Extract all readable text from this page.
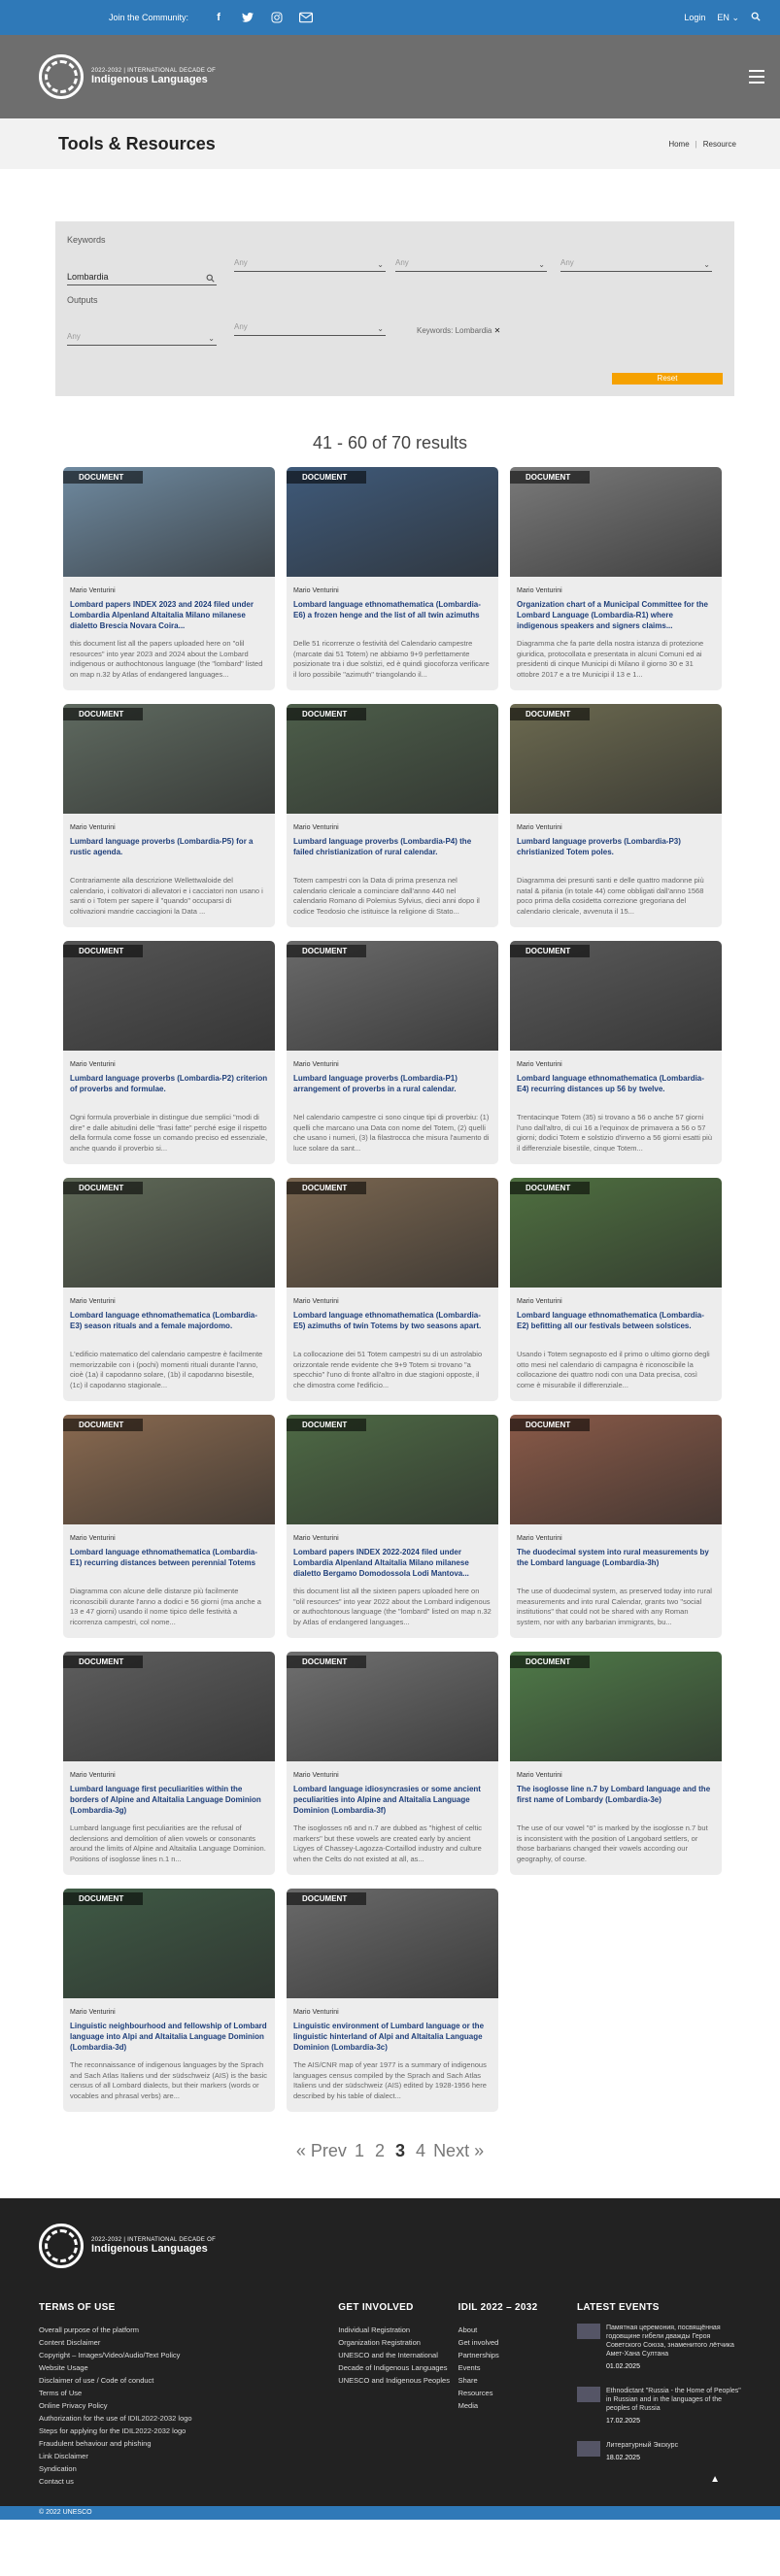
Join the Community:	f	Login EN ⌄
2022-2032 | INTERNATIONAL DECADE OF
Indigenous Languages
Tools & Resources	Home | Resource
Keywords
Lombardia
Any	⌄ Any	⌄ Any	⌄
Outputs
Any	⌄
Any	⌄	Keywords: Lombardia ✕
Reset
41 - 60 of 70 results
DOCUMENT
Mario Venturini
Lombard papers INDEX 2023 and 2024 filed under Lombardia Alpenland Altaitalia Milano milanese dialetto Brescia Novara Coira...
this document list all the papers uploaded here on "olil resources" into year 2023 and 2024 about the Lombard indigenous or authochtonous language (the "lombard" listed on map n.32 by Atlas of endangered languages...
DOCUMENT
Mario Venturini
Lombard language ethnomathematica (Lombardia-E6) a frozen henge and the list of all twin azimuths
Delle 51 ricorrenze o festività del Calendario campestre (marcate dai 51 Totem) ne abbiamo 9+9 perfettamente posizionate tra i due solstizi, ed è quindi giocoforza verificare il loro possibile "azimuth" triangolando il...
DOCUMENT
Mario Venturini
Organization chart of a Municipal Committee for the Lombard Language (Lombardia-R1) where indigenous speakers and signers claims...
Diagramma che fa parte della nostra istanza di protezione giuridica, protocollata e presentata in alcuni Comuni ed ai presidenti di cinque Municipi di Milano il giorno 30 e 31 ottobre 2017 e a tre Municipi il 13 e 1...
DOCUMENT
Mario Venturini
Lumbard language proverbs (Lombardia-P5) for a rustic agenda.
Contrariamente alla descrizione Wellettwaloide del calendario, i coltivatori di allevatori e i cacciatori non usano i santi o i Totem per sapere il "quando" occuparsi di coltivazioni mandrie cacciagioni la Data ...
DOCUMENT
Mario Venturini
Lumbard language proverbs (Lombardia-P4) the failed christianization of rural calendar.
Totem campestri con la Data di prima presenza nel calendario clericale a cominciare dall'anno 440 nel calendario Romano di Polemius Sylvius, dieci anni dopo il codice Teodosio che istituisce la religione di Stato...
DOCUMENT
Mario Venturini
Lumbard language proverbs (Lombardia-P3) christianized Totem poles.
Diagramma dei presunti santi e delle quattro madonne più natal & pifania (in totale 44) come obbligati dall'anno 1568 poco prima della cosidetta correzione gregoriana del calendario clericale, avvenuta il 15...
DOCUMENT
Mario Venturini
Lumbard language proverbs (Lombardia-P2) criterion of proverbs and formulae.
Ogni formula proverbiale in distingue due semplici "modi di dire" e dalle abitudini delle "frasi fatte" perché esige il rispetto della formula come fosse un comando preciso ed essenziale, anche quando il proverbio si...
DOCUMENT
Mario Venturini
Lumbard language proverbs (Lombardia-P1) arrangement of proverbs in a rural calendar.
Nel calendario campestre ci sono cinque tipi di proverbiu: (1) quelli che marcano una Data con nome del Totem, (2) quelli che usano i numeri, (3) la filastrocca che misura l'aumento di luce solare da sant...
DOCUMENT
Mario Venturini
Lombard language ethnomathematica (Lombardia-E4) recurring distances up 56 by twelve.
Trentacinque Totem (35) si trovano a 56 o anche 57 giorni l'uno dall'altro, di cui 16 a l'equinox de primavera a 56 o 57 giorni; dodici Totem e solstizio d'inverno a 56 giorni esatti più il differenziale bisestile, cinque Totem...
DOCUMENT
Mario Venturini
Lombard language ethnomathematica (Lombardia-E3) season rituals and a female majordomo.
L'edificio matematico del calendario campestre è facilmente memorizzabile con i (pochi) momenti rituali durante l'anno, cioè (1a) il capodanno solare, (1b) il capodanno bisestile, (1c) il capodanno stagionale...
DOCUMENT
Mario Venturini
Lombard language ethnomathematica (Lombardia-E5) azimuths of twin Totems by two seasons apart.
La collocazione dei 51 Totem campestri su di un astrolabio orizzontale rende evidente che 9+9 Totem si trovano "a specchio" l'uno di fronte all'altro in due stagioni opposte, il che dimostra come l'edificio...
DOCUMENT
Mario Venturini
Lombard language ethnomathematica (Lombardia-E2) befitting all our festivals between solstices.
Usando i Totem segnaposto ed il primo o ultimo giorno degli otto mesi nel calendario di campagna è riconoscibile la collocazione dei quattro nodi con una Data precisa, così come è misurabile il differenziale...
DOCUMENT
Mario Venturini
Lombard language ethnomathematica (Lombardia-E1) recurring distances between perennial Totems
Diagramma con alcune delle distanze più facilmente riconoscibili durante l'anno a dodici e 56 giorni (ma anche a 13 e 47 giorni) usando il nome tipico delle festività a ricorrenza campestri, col nome...
DOCUMENT
Mario Venturini
Lombard papers INDEX 2022-2024 filed under Lombardia Alpenland Altaitalia Milano milanese dialetto Bergamo Domodossola Lodi Mantova...
this document list all the sixteen papers uploaded here on "olil resources" into year 2022 about the Lombard indigenous or authochtonous language (the "lombard" listed on map n.32 by Atlas of endangered languages...
DOCUMENT
Mario Venturini
The duodecimal system into rural measurements by the Lombard language (Lombardia-3h)
The use of duodecimal system, as preserved today into rural measurements and into rural Calendar, grants two "social institutions" that could not be shared with any Roman system, nor with any barbarian immigrants, bu...
DOCUMENT
Mario Venturini
Lumbard language first peculiarities within the borders of Alpine and Altaitalia Language Dominion (Lombardia-3g)
Lumbard language first peculiarities are the refusal of declensions and demolition of alien vowels or consonants around the limits of Alpine and Altaitalia Language Dominion. Positions of isoglosse lines n.1 n...
DOCUMENT
Mario Venturini
Lombard language idiosyncrasies or some ancient peculiarities into Alpine and Altaitalia Language Dominion (Lombardia-3f)
The isoglosses n6 and n.7 are dubbed as "highest of celtic markers" but these vowels are created early by ancient Ligyes of Chassey-Lagozza-Cortaillod industry and culture when the Celts do not existed at all, as...
DOCUMENT
Mario Venturini
The isoglosse line n.7 by Lombard language and the first name of Lombardy (Lombardia-3e)
The use of our vowel "ö" is marked by the isoglosse n.7 but is inconsistent with the position of Langobard settlers, or those barbarians changed their vowels according our geography, of course.
DOCUMENT
Mario Venturini
Linguistic neighbourhood and fellowship of Lombard language into Alpi and Altaitalia Language Dominion (Lombardia-3d)
The reconnaissance of indigenous languages by the Sprach and Sach Atlas Italiens und der südschweiz (AIS) is the basic census of all Lombard dialects, but their markers (words or vocables and phrasal verbs) are...
DOCUMENT
Mario Venturini
Linguistic environment of Lumbard language or the linguistic hinterland of Alpi and Altaitalia Language Dominion (Lombardia-3c)
The AIS/CNR map of year 1977 is a summary of indigenous languages census compiled by the Sprach and Sach Atlas Italiens und der südschweiz (AIS) edited by 1928-1956 here described by his table of dialect...
« Prev 1 2 3 4 Next »
2022-2032 | INTERNATIONAL DECADE OF
Indigenous Languages
TERMS OF USE
Overall purpose of the platform
Content Disclaimer
Copyright – Images/Video/Audio/Text Policy
Website Usage
Disclaimer of use / Code of conduct
Terms of Use
Online Privacy Policy
Authorization for the use of IDIL2022-2032 logo
Steps for applying for the IDIL2022-2032 logo
Fraudulent behaviour and phishing
Link Disclaimer
Syndication
Contact us
GET INVOLVED
Individual Registration
Organization Registration
UNESCO and the International Decade of Indigenous Languages
UNESCO and Indigenous Peoples
IDIL 2022 – 2032
About
Get involved
Partnerships
Events
Share
Resources
Media
LATEST EVENTS
Памятная церемония, посвящённая годовщине гибели дважды Героя Советского Союза, знаменитого лётчика Амет-Хана Султана
01.02.2025
Ethnodictant "Russia - the Home of Peoples" in Russian and in the languages of the peoples of Russia
17.02.2025
Литературный Экскурс
18.02.2025
▲
© 2022 UNESCO
